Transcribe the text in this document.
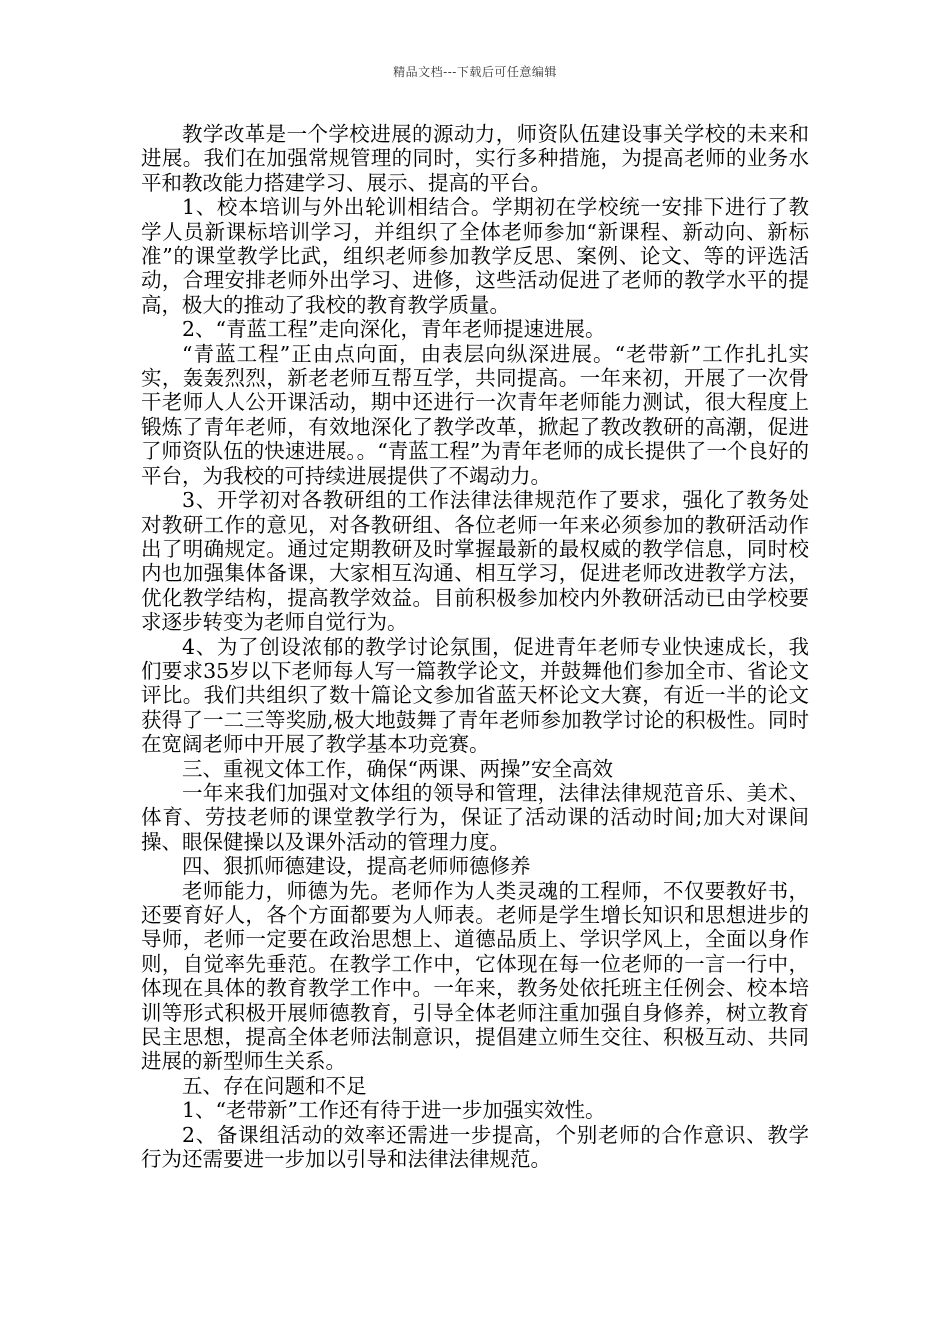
精品文档---下载后可任意编辑

教学改革是一个学校进展的源动力，师资队伍建设事关学校的未来和进展。我们在加强常规管理的同时，实行多种措施，为提高老师的业务水平和教改能力搭建学习、展示、提高的平台。

1、校本培训与外出轮训相结合。学期初在学校统一安排下进行了教学人员新课标培训学习，并组织了全体老师参加“新课程、新动向、新标准”的课堂教学比武，组织老师参加教学反思、案例、论文、等的评选活动，合理安排老师外出学习、进修，这些活动促进了老师的教学水平的提高，极大的推动了我校的教育教学质量。

2、“青蓝工程”走向深化，青年老师提速进展。

“青蓝工程”正由点向面，由表层向纵深进展。“老带新”工作扎扎实实，轰轰烈烈，新老老师互帮互学，共同提高。一年来初，开展了一次骨干老师人人公开课活动，期中还进行一次青年老师能力测试，很大程度上锻炼了青年老师，有效地深化了教学改革，掀起了教改教研的高潮，促进了师资队伍的快速进展。。“青蓝工程”为青年老师的成长提供了一个良好的平台，为我校的可持续进展提供了不竭动力。

3、开学初对各教研组的工作法律法律规范作了要求，强化了教务处对教研工作的意见，对各教研组、各位老师一年来必须参加的教研活动作出了明确规定。通过定期教研及时掌握最新的最权威的教学信息，同时校内也加强集体备课，大家相互沟通、相互学习，促进老师改进教学方法，优化教学结构，提高教学效益。目前积极参加校内外教研活动已由学校要求逐步转变为老师自觉行为。

4、为了创设浓郁的教学讨论氛围，促进青年老师专业快速成长，我们要求35岁以下老师每人写一篇教学论文，并鼓舞他们参加全市、省论文评比。我们共组织了数十篇论文参加省蓝天杯论文大赛，有近一半的论文获得了一二三等奖励,极大地鼓舞了青年老师参加教学讨论的积极性。同时在宽阔老师中开展了教学基本功竞赛。

三、重视文体工作，确保“两课、两操”安全高效

一年来我们加强对文体组的领导和管理，法律法律规范音乐、美术、体育、劳技老师的课堂教学行为，保证了活动课的活动时间;加大对课间操、眼保健操以及课外活动的管理力度。

四、狠抓师德建设，提高老师师德修养

老师能力，师德为先。老师作为人类灵魂的工程师，不仅要教好书，还要育好人，各个方面都要为人师表。老师是学生增长知识和思想进步的导师，老师一定要在政治思想上、道德品质上、学识学风上，全面以身作则，自觉率先垂范。在教学工作中，它体现在每一位老师的一言一行中，体现在具体的教育教学工作中。一年来，教务处依托班主任例会、校本培训等形式积极开展师德教育，引导全体老师注重加强自身修养，树立教育民主思想，提高全体老师法制意识，提倡建立师生交往、积极互动、共同进展的新型师生关系。

五、存在问题和不足

1、“老带新”工作还有待于进一步加强实效性。

2、备课组活动的效率还需进一步提高，个别老师的合作意识、教学行为还需要进一步加以引导和法律法律规范。
